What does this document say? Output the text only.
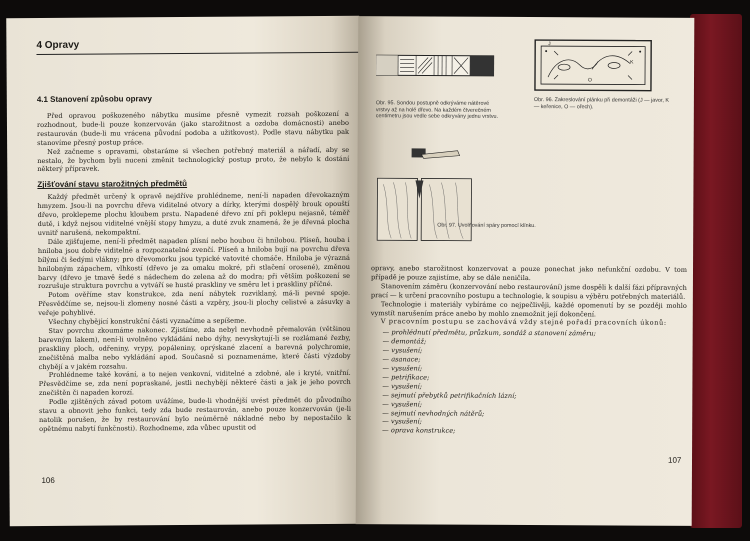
4 Opravy
4.1 Stanovení způsobu opravy

Před opravou poškozeného nábytku musíme přesně vymezit rozsah poškození a rozhodnout, bude-li pouze konzervován (jako starožitnost a ozdoba domácnosti) anebo restaurován (bude-li mu vrácena původní podoba a užitkovost). Podle stavu nábytku pak stanovíme přesný postup práce.

Než začneme s opravami, obstaráme si všechen potřebný materiál a nářadí, aby se nestalo, že bychom byli nuceni změnit technologický postup proto, že nebylo k dostání některý přípravek.

Zjišťování stavu starožitných předmětů

Každý předmět určený k opravě nejdříve prohlédneme, není-li napaden dřevokazným hmyzem. Jsou-li na povrchu dřeva viditelné otvory a dírky, kterými dospělý brouk opouští dřevo, proklepeme plochu kloubem prstu. Napadené dřevo zní při poklepu nejasně, téměř dutě, i když nejsou viditelné vnější stopy hmyzu, a duté zvuk znamená, že je dřevná plocha uvnitř narušená, nekompaktní.

Dále zjišťujeme, není-li předmět napaden plísní nebo houbou či hnilobou. Plíseň, houba i hniloba jsou dobře viditelné a rozpoznatelné zvenčí. Plíseň a hniloba bují na povrchu dřeva bílými či šedými vlákny; pro dřevomorku jsou typické vatovité chomáče. Hniloba je výrazná hnilobným zápachem, vlhkostí (dřevo je za omaku mokré, při stlačení orosené), změnou barvy (dřevo je tmavě šedé s nádechem do zelena až do modra; při větším poškození se rozrušuje struktura povrchu a vytváří se husté praskliny ve směru let i praskliny příčné.

Potom ověříme stav konstrukce, zda není nábytek rozviklaný, má-li pevné spoje. Přesvědčíme se, nejsou-li zlomeny nosné části a vzpěry, jsou-li plochy celistvé a zásuvky a veřeje pohyblivé.

Všechny chybějící konstrukční části vyznačíme a sepíšeme.

Stav povrchu zkoumáme nakonec. Zjistíme, zda nebyl nevhodně přemalován (většinou barevným lakem), není-li uvolněno vykládání nebo dýhy, nevyskytují-li se rozlámané řezby, praskliny ploch, odřeniny, vrypy, popáleniny, oprýskané zlacení a barevná polychromie, znečištěná malba nebo vykládání apod. Současně si poznamenáme, které části výzdoby chybějí a v jakém rozsahu.

Prohlédneme také kování, a to nejen venkovní, viditelné a zdobné, ale i kryté, vnitřní. Přesvědčíme se, zda není popraskané, jestli nechybějí některé části a jak je jeho povrch znečištěn či napaden korozí.

Podle zjištěných závad potom uvážíme, bude-li vhodnější uvést předmět do původního stavu a obnovit jeho funkci, tedy zda bude restaurován, anebo pouze konzervován (je-li natolik porušen, že by restaurování bylo neúměrně nákladné nebo by nepostačilo k opětnému nabytí funkčnosti). Rozhodneme, zda vůbec upustit od

106
Obr. 95. Sondou postupně odkrýváme nátěrové vrstvy až na holé dřevo. Na každém čtverečném centimetru jsou vedle sebe odkryvány jednu vrstvu.
J
K
O
Obr. 96. Zakreslování plánku při demontáži (J — javor, K — keřenice, O — ořech).
Obr. 97. Uvolňování spáry pomocí klínku.

opravy, anebo starožitnost konzervovat a pouze ponechat jako nefunkční ozdobu. V tom případě je pouze zajistíme, aby se dále neničila.

Stanovením záměru (konzervování nebo restaurování) jsme dospěli k další fázi přípravných prací — k určení pracovního postupu a technologie, k soupisu a výběru potřebných materiálů.

Technologie i materiály vybíráme co nejpečlivěji, každé opomenutí by se později mohlo vymstít narušením práce anebo by mohlo znemožnit její dokončení.

V pracovním postupu se zachovává vždy stejné pořadí pracovních úkonů:

— prohlédnutí předmětu, průzkum, sondáž a stanovení záměru;
— demontáž;
— vysušení;
— asanace;
— vysušení;
— petrifikace;
— vysušení;
— sejmutí přebytků petrifikačních lázní;
— vysušení;
— sejmutí nevhodných nátěrů;
— vysušení;
— oprava konstrukce;
107
